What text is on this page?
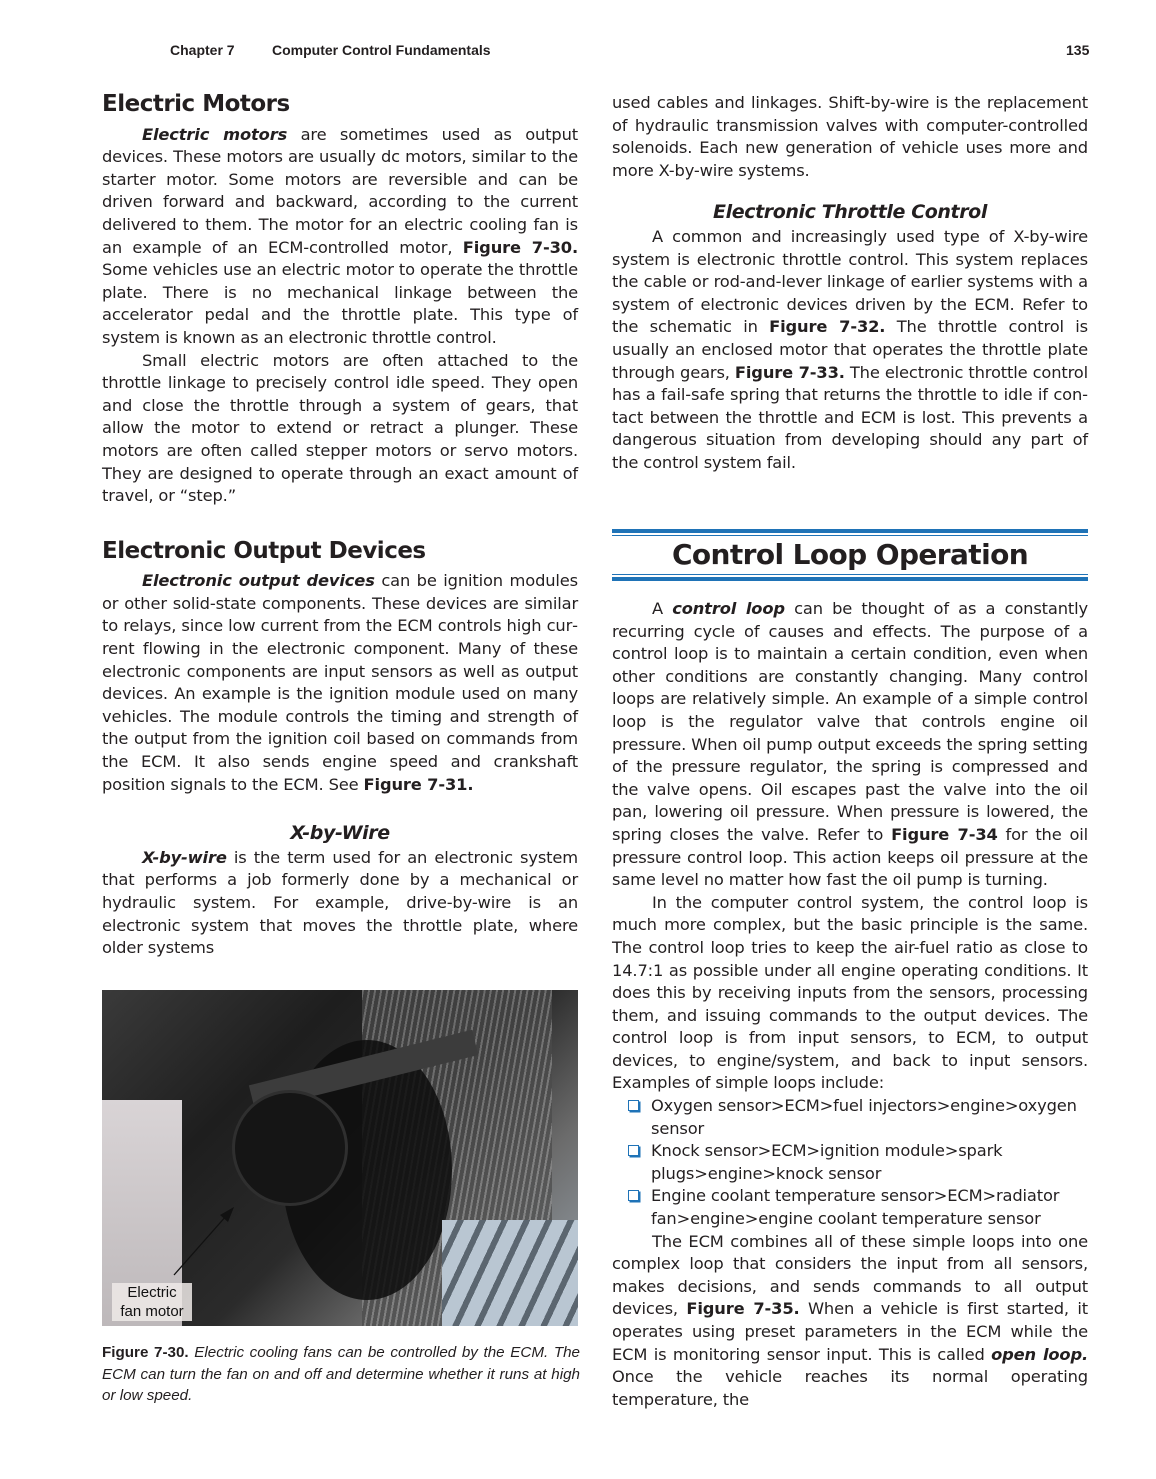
Chapter 7	Computer Control Fundamentals	135
Electric Motors

Electric motors are sometimes used as output devices. These motors are usually dc motors, similar to the starter motor. Some motors are reversible and can be driven forward and backward, according to the current delivered to them. The motor for an electric cooling fan is an example of an ECM-controlled motor, Figure 7-30. Some vehicles use an electric motor to operate the throttle plate. There is no mechanical linkage between the accelerator pedal and the throttle plate. This type of system is known as an electronic throttle control.

Small electric motors are often attached to the throttle linkage to precisely control idle speed. They open and close the throttle through a system of gears, that allow the motor to extend or retract a plunger. These motors are often called stepper motors or servo motors. They are designed to operate through an exact amount of travel, or “step.”

Electronic Output Devices

Electronic output devices can be ignition modules or other solid-state components. These devices are similar to relays, since low current from the ECM controls high current flowing in the electronic component. Many of these electronic components are input sensors as well as output devices. An example is the ignition module used on many vehicles. The module controls the timing and strength of the output from the ignition coil based on commands from the ECM. It also sends engine speed and crankshaft position signals to the ECM. See Figure 7-31.

X-by-Wire

X-by-wire is the term used for an electronic system that performs a job formerly done by a mechanical or hydraulic system. For example, drive-by-wire is an electronic system that moves the throttle plate, where older systems

Electric
fan motor
Figure 7-30. Electric cooling fans can be controlled by the ECM. The ECM can turn the fan on and off and determine whether it runs at high or low speed.

used cables and linkages. Shift-by-wire is the replacement of hydraulic transmission valves with computer-controlled solenoids. Each new generation of vehicle uses more and more X-by-wire systems.

Electronic Throttle Control

A common and increasingly used type of X-by-wire system is electronic throttle control. This system replaces the cable or rod-and-lever linkage of earlier systems with a system of electronic devices driven by the ECM. Refer to the schematic in Figure 7-32. The throttle control is usually an enclosed motor that operates the throttle plate through gears, Figure 7-33. The electronic throttle control has a fail-safe spring that returns the throttle to idle if contact between the throttle and ECM is lost. This prevents a dangerous situation from developing should any part of the control system fail.

Control Loop Operation

A control loop can be thought of as a constantly recurring cycle of causes and effects. The purpose of a control loop is to maintain a certain condition, even when other conditions are constantly changing. Many control loops are relatively simple. An example of a simple control loop is the regulator valve that controls engine oil pressure. When oil pump output exceeds the spring setting of the pressure regulator, the spring is compressed and the valve opens. Oil escapes past the valve into the oil pan, lowering oil pressure. When pressure is lowered, the spring closes the valve. Refer to Figure 7-34 for the oil pressure control loop. This action keeps oil pressure at the same level no matter how fast the oil pump is turning.

In the computer control system, the control loop is much more complex, but the basic principle is the same. The control loop tries to keep the air-fuel ratio as close to 14.7:1 as possible under all engine operating conditions. It does this by receiving inputs from the sensors, processing them, and issuing commands to the output devices. The control loop is from input sensors, to ECM, to output devices, to engine/system, and back to input sensors. Examples of simple loops include:

Oxygen sensor>ECM>fuel injectors>engine>oxygen sensor
Knock sensor>ECM>ignition module>spark plugs>engine>knock sensor
Engine coolant temperature sensor>ECM>radiator fan>engine>engine coolant temperature sensor

The ECM combines all of these simple loops into one complex loop that considers the input from all sensors, makes decisions, and sends commands to all output devices, Figure 7-35. When a vehicle is first started, it operates using preset parameters in the ECM while the ECM is monitoring sensor input. This is called open loop. Once the vehicle reaches its normal operating temperature, the
